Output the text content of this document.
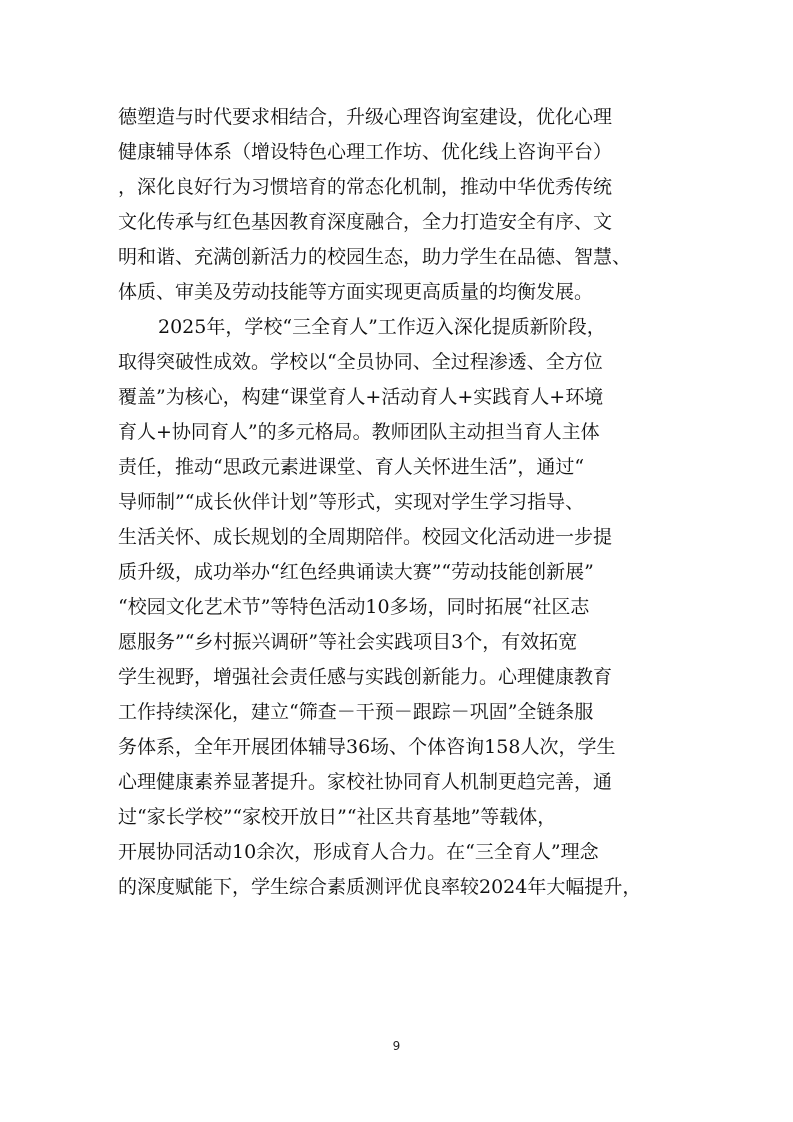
德塑造与时代要求相结合，升级心理咨询室建设，优化心理
健康辅导体系（增设特色心理工作坊、优化线上咨询平台）
，深化良好行为习惯培育的常态化机制，推动中华优秀传统
文化传承与红色基因教育深度融合，全力打造安全有序、文
明和谐、充满创新活力的校园生态，助力学生在品德、智慧、
体质、审美及劳动技能等方面实现更高质量的均衡发展。
2025年，学校“三全育人”工作迈入深化提质新阶段，
取得突破性成效。学校以“全员协同、全过程渗透、全方位
覆盖”为核心，构建“课堂育人+活动育人+实践育人+环境
育人+协同育人”的多元格局。教师团队主动担当育人主体
责任，推动“思政元素进课堂、育人关怀进生活”，通过“
导师制”“成长伙伴计划”等形式，实现对学生学习指导、
生活关怀、成长规划的全周期陪伴。校园文化活动进一步提
质升级，成功举办“红色经典诵读大赛”“劳动技能创新展”
“校园文化艺术节”等特色活动10多场，同时拓展“社区志
愿服务”“乡村振兴调研”等社会实践项目3个，有效拓宽
学生视野，增强社会责任感与实践创新能力。心理健康教育
工作持续深化，建立“筛查－干预－跟踪－巩固”全链条服
务体系，全年开展团体辅导36场、个体咨询158人次，学生
心理健康素养显著提升。家校社协同育人机制更趋完善，通
过“家长学校”“家校开放日”“社区共育基地”等载体，
开展协同活动10余次，形成育人合力。在“三全育人”理念
的深度赋能下，学生综合素质测评优良率较2024年大幅提升，
9
